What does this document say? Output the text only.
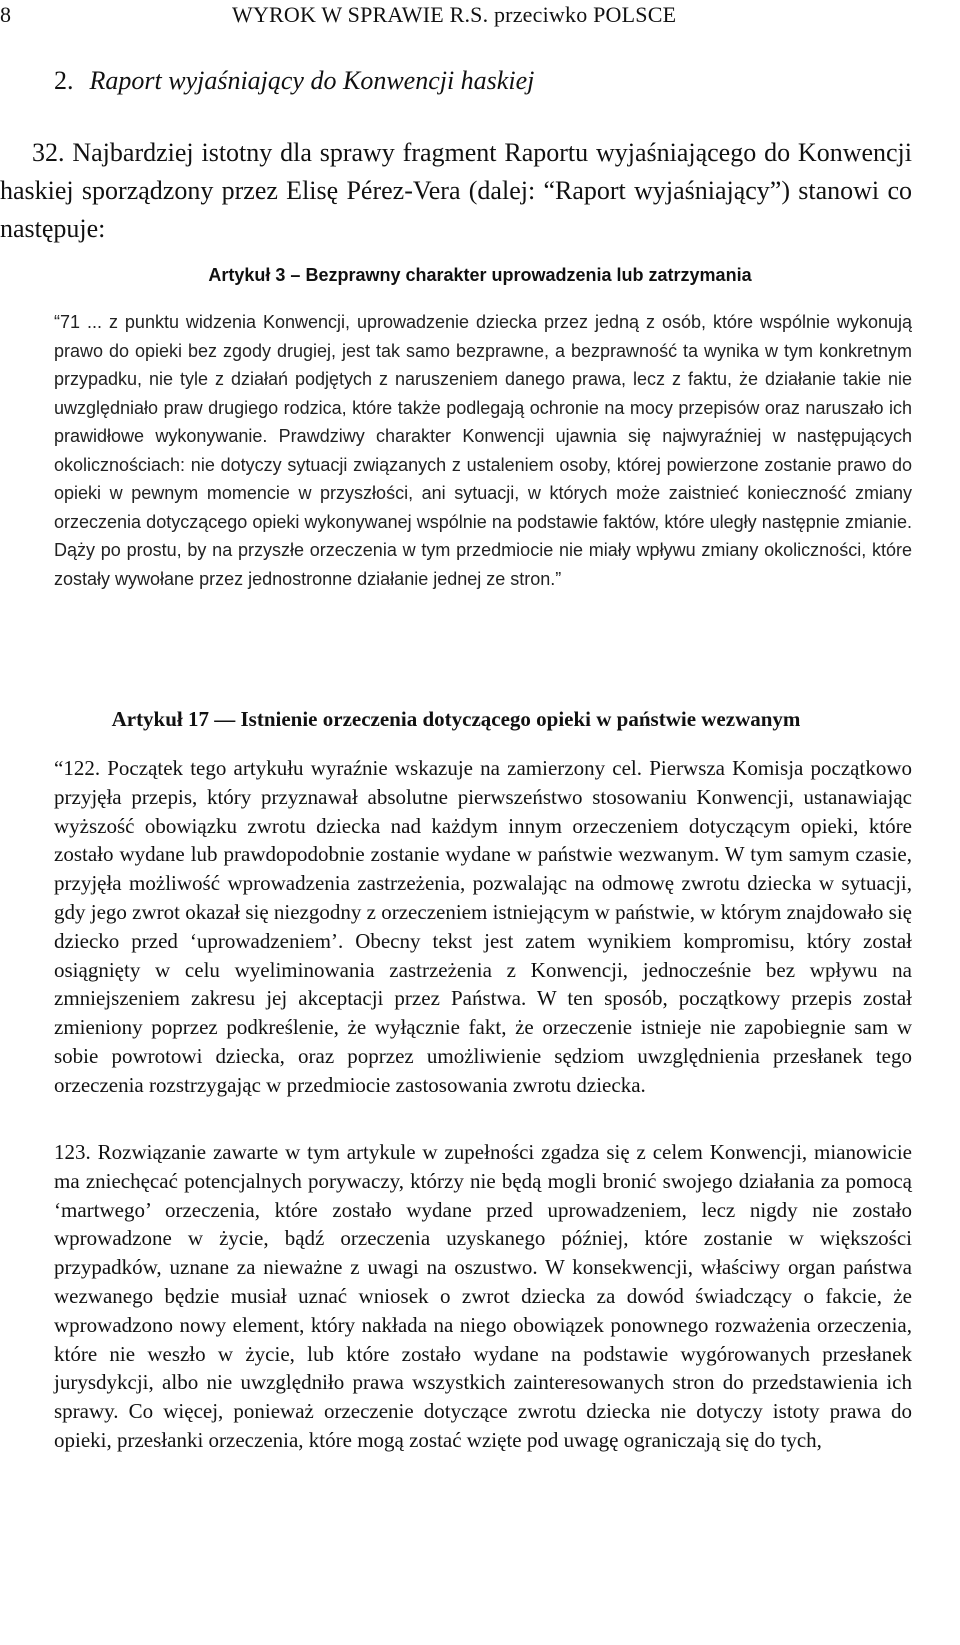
8	WYROK W SPRAWIE R.S. przeciwko POLSCE
2. Raport wyjaśniający do Konwencji haskiej
32. Najbardziej istotny dla sprawy fragment Raportu wyjaśniającego do Konwencji haskiej sporządzony przez Elisę Pérez-Vera (dalej: “Raport wyjaśniający”) stanowi co następuje:
Artykuł 3 – Bezprawny charakter uprowadzenia lub zatrzymania
“71 ... z punktu widzenia Konwencji, uprowadzenie dziecka przez jedną z osób, które wspólnie wykonują prawo do opieki bez zgody drugiej, jest tak samo bezprawne, a bezprawność ta wynika w tym konkretnym przypadku, nie tyle z działań podjętych z naruszeniem danego prawa, lecz z faktu, że działanie takie nie uwzględniało praw drugiego rodzica, które także podlegają ochronie na mocy przepisów oraz naruszało ich prawidłowe wykonywanie. Prawdziwy charakter Konwencji ujawnia się najwyraźniej w następujących okolicznościach: nie dotyczy sytuacji związanych z ustaleniem osoby, której powierzone zostanie prawo do opieki w pewnym momencie w przyszłości, ani sytuacji, w których może zaistnieć konieczność zmiany orzeczenia dotyczącego opieki wykonywanej wspólnie na podstawie faktów, które uległy następnie zmianie. Dąży po prostu, by na przyszłe orzeczenia w tym przedmiocie nie miały wpływu zmiany okoliczności, które zostały wywołane przez jednostronne działanie jednej ze stron.”
Artykuł 17 — Istnienie orzeczenia dotyczącego opieki w państwie wezwanym
“122. Początek tego artykułu wyraźnie wskazuje na zamierzony cel. Pierwsza Komisja początkowo przyjęła przepis, który przyznawał absolutne pierwszeństwo stosowaniu Konwencji, ustanawiając wyższość obowiązku zwrotu dziecka nad każdym innym orzeczeniem dotyczącym opieki, które zostało wydane lub prawdopodobnie zostanie wydane w państwie wezwanym. W tym samym czasie, przyjęła możliwość wprowadzenia zastrzeżenia, pozwalając na odmowę zwrotu dziecka w sytuacji, gdy jego zwrot okazał się niezgodny z orzeczeniem istniejącym w państwie, w którym znajdowało się dziecko przed ‘uprowadzeniem’. Obecny tekst jest zatem wynikiem kompromisu, który został osiągnięty w celu wyeliminowania zastrzeżenia z Konwencji, jednocześnie bez wpływu na zmniejszeniem zakresu jej akceptacji przez Państwa. W ten sposób, początkowy przepis został zmieniony poprzez podkreślenie, że wyłącznie fakt, że orzeczenie istnieje nie zapobiegnie sam w sobie powrotowi dziecka, oraz poprzez umożliwienie sędziom uwzględnienia przesłanek tego orzeczenia rozstrzygając w przedmiocie zastosowania zwrotu dziecka.
123. Rozwiązanie zawarte w tym artykule w zupełności zgadza się z celem Konwencji, mianowicie ma zniechęcać potencjalnych porywaczy, którzy nie będą mogli bronić swojego działania za pomocą ‘martwego’ orzeczenia, które zostało wydane przed uprowadzeniem, lecz nigdy nie zostało wprowadzone w życie, bądź orzeczenia uzyskanego później, które zostanie w większości przypadków, uznane za nieważne z uwagi na oszustwo. W konsekwencji, właściwy organ państwa wezwanego będzie musiał uznać wniosek o zwrot dziecka za dowód świadczący o fakcie, że wprowadzono nowy element, który nakłada na niego obowiązek ponownego rozważenia orzeczenia, które nie weszło w życie, lub które zostało wydane na podstawie wygórowanych przesłanek jurysdykcji, albo nie uwzględniło prawa wszystkich zainteresowanych stron do przedstawienia ich sprawy. Co więcej, ponieważ orzeczenie dotyczące zwrotu dziecka nie dotyczy istoty prawa do opieki, przesłanki orzeczenia, które mogą zostać wzięte pod uwagę ograniczają się do tych,
